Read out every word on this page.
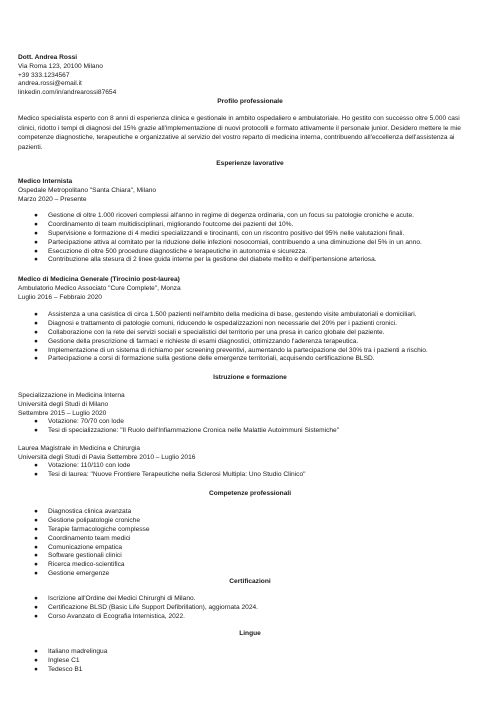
Dott. Andrea Rossi
Via Roma 123, 20100 Milano
+39 333.1234567
andrea.rossi@email.it
linkedin.com/in/andrearossi87654
Profilo professionale
Medico specialista esperto con 8 anni di esperienza clinica e gestionale in ambito ospedaliero e ambulatoriale. Ho gestito con successo oltre 5.000 casi
clinici, ridotto i tempi di diagnosi del 15% grazie all'implementazione di nuovi protocolli e formato attivamente il personale junior. Desidero mettere le mie
competenze diagnostiche, terapeutiche e organizzative al servizio del vostro reparto di medicina interna, contribuendo all'eccellenza dell'assistenza ai
pazienti.
Esperienze lavorative
Medico Internista
Ospedale Metropolitano "Santa Chiara", Milano
Marzo 2020 – Presente
● Gestione di oltre 1.000 ricoveri complessi all'anno in regime di degenza ordinaria, con un focus su patologie croniche e acute.
● Coordinamento di team multidisciplinari, migliorando l'outcome dei pazienti del 10%.
● Supervisione e formazione di 4 medici specializzandi e tirocinanti, con un riscontro positivo del 95% nelle valutazioni finali.
● Partecipazione attiva al comitato per la riduzione delle infezioni nosocomiali, contribuendo a una diminuzione del 5% in un anno.
● Esecuzione di oltre 500 procedure diagnostiche e terapeutiche in autonomia e sicurezza.
● Contribuzione alla stesura di 2 linee guida interne per la gestione del diabete mellito e dell'ipertensione arteriosa.
Medico di Medicina Generale (Tirocinio post-laurea)
Ambulatorio Medico Associato "Cure Complete", Monza
Luglio 2016 – Febbraio 2020
● Assistenza a una casistica di circa 1.500 pazienti nell'ambito della medicina di base, gestendo visite ambulatoriali e domiciliari.
● Diagnosi e trattamento di patologie comuni, riducendo le ospedalizzazioni non necessarie del 20% per i pazienti cronici.
● Collaborazione con la rete dei servizi sociali e specialistici del territorio per una presa in carico globale del paziente.
● Gestione della prescrizione di farmaci e richieste di esami diagnostici, ottimizzando l'aderenza terapeutica.
● Implementazione di un sistema di richiamo per screening preventivi, aumentando la partecipazione del 30% tra i pazienti a rischio.
● Partecipazione a corsi di formazione sulla gestione delle emergenze territoriali, acquisendo certificazione BLSD.
Istruzione e formazione
Specializzazione in Medicina Interna
Università degli Studi di Milano
Settembre 2015 – Luglio 2020
● Votazione: 70/70 con lode
● Tesi di specializzazione: "Il Ruolo dell'Infiammazione Cronica nelle Malattie Autoimmuni Sistemiche"
Laurea Magistrale in Medicina e Chirurgia
Università degli Studi di Pavia Settembre 2010 – Luglio 2016
● Votazione: 110/110 con lode
● Tesi di laurea: "Nuove Frontiere Terapeutiche nella Sclerosi Multipla: Uno Studio Clinico"
Competenze professionali
● Diagnostica clinica avanzata
● Gestione polipatologie croniche
● Terapie farmacologiche complesse
● Coordinamento team medici
● Comunicazione empatica
● Software gestionali clinici
● Ricerca medico-scientifica
● Gestione emergenze
Certificazioni
● Iscrizione all'Ordine dei Medici Chirurghi di Milano.
● Certificazione BLSD (Basic Life Support Defibrillation), aggiornata 2024.
● Corso Avanzato di Ecografia Internistica, 2022.
Lingue
● Italiano madrelingua
● Inglese C1
● Tedesco B1
